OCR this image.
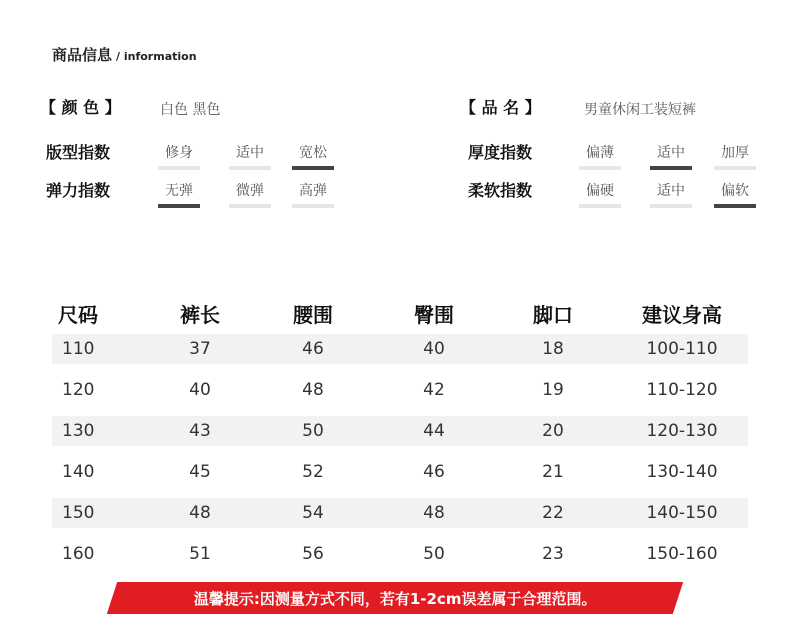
商品信息 / information
【 颜 色 】	白色 黑色
版型指数	修身	适中	宽松
弹力指数	无弹	微弹	高弹
【 品 名 】	男童休闲工装短裤
厚度指数	偏薄	适中	加厚
柔软指数	偏硬	适中	偏软
尺码	裤长	腰围	臀围	脚口	建议身高
110	37	46	40	18	100-110
120	40	48	42	19	110-120
130	43	50	44	20	120-130
140	45	52	46	21	130-140
150	48	54	48	22	140-150
160	51	56	50	23	150-160
温馨提示:因测量方式不同，若有1-2cm误差属于合理范围。
